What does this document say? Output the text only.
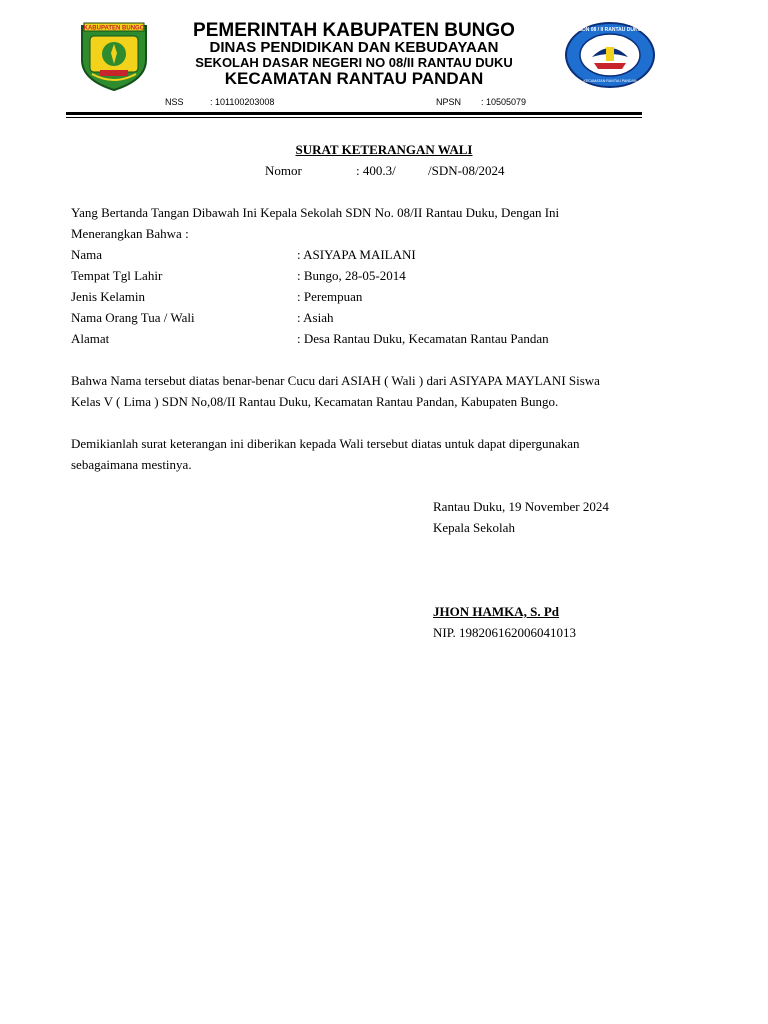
KABUPATEN BUNGO	SDN 08 / II RANTAU DUKU
KECAMATAN RANTAU PANDAN
PEMERINTAH KABUPATEN BUNGO
DINAS PENDIDIKAN DAN KEBUDAYAAN
SEKOLAH DASAR NEGERI NO 08/II RANTAU DUKU
KECAMATAN RANTAU PANDAN
NSS	: 101100203008	NPSN : 10505079
SURAT KETERANGAN WALI
Nomor	: 400.3/ /SDN-08/2024
Yang Bertanda Tangan Dibawah Ini Kepala Sekolah SDN No. 08/II Rantau Duku, Dengan Ini
Menerangkan Bahwa :
Nama	: ASIYAPA MAILANI
Tempat Tgl Lahir	: Bungo, 28-05-2014
Jenis Kelamin	: Perempuan
Nama Orang Tua / Wali	: Asiah
Alamat	: Desa Rantau Duku, Kecamatan Rantau Pandan
Bahwa Nama tersebut diatas benar-benar Cucu dari ASIAH ( Wali ) dari ASIYAPA MAYLANI Siswa
Kelas V ( Lima ) SDN No,08/II Rantau Duku, Kecamatan Rantau Pandan, Kabupaten Bungo.
Demikianlah surat keterangan ini diberikan kepada Wali tersebut diatas untuk dapat dipergunakan
sebagaimana mestinya.
Rantau Duku, 19 November 2024
Kepala Sekolah
JHON HAMKA, S. Pd
NIP. 198206162006041013
